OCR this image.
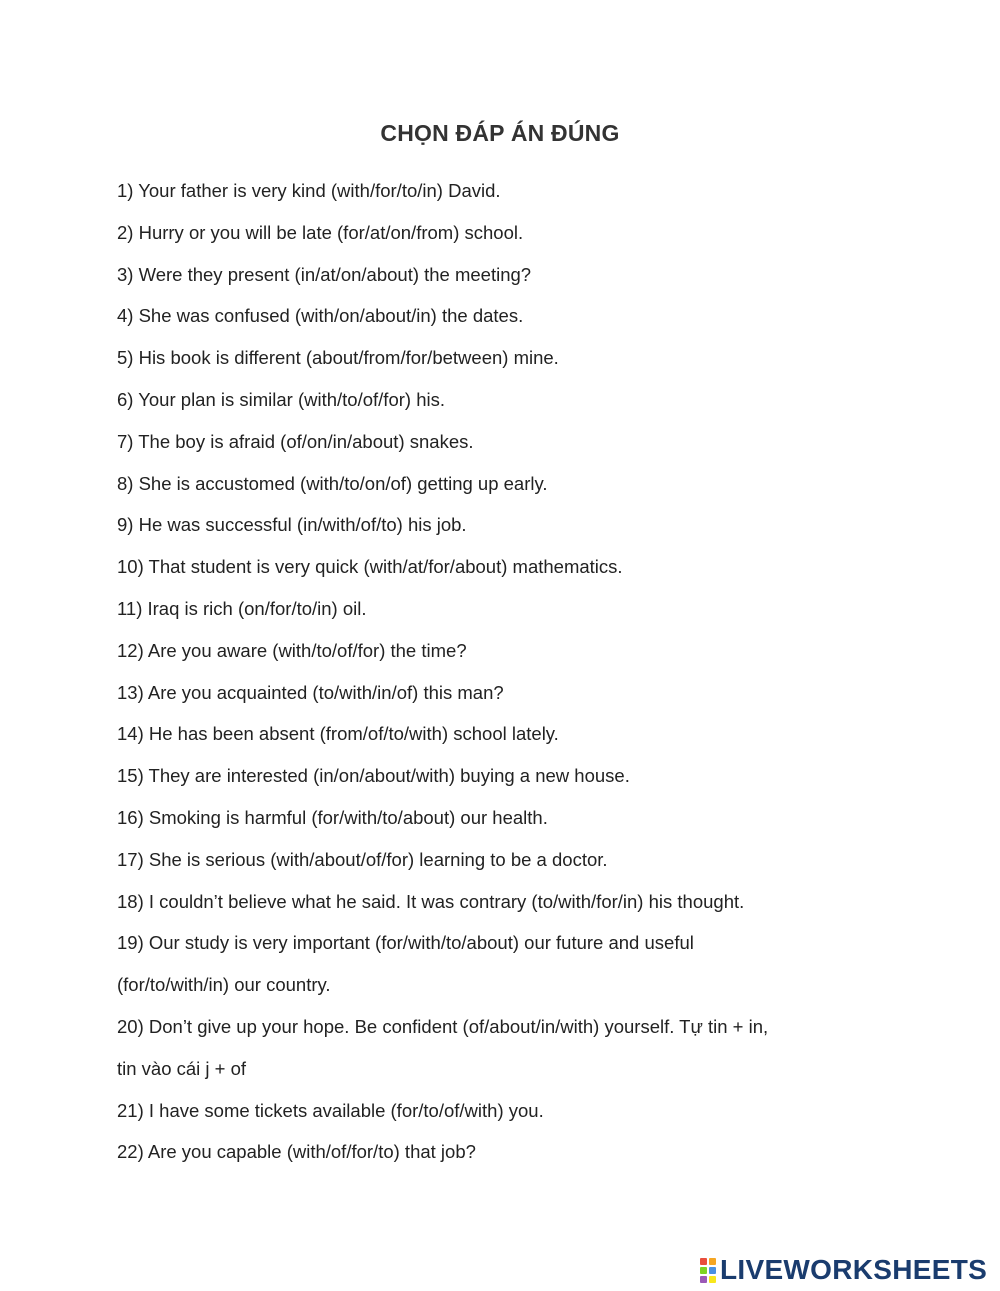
CHỌN ĐÁP ÁN ĐÚNG
1) Your father is very kind (with/for/to/in) David.
2) Hurry or you will be late (for/at/on/from) school.
3) Were they present (in/at/on/about) the meeting?
4) She was confused (with/on/about/in) the dates.
5) His book is different (about/from/for/between) mine.
6) Your plan is similar (with/to/of/for) his.
7) The boy is afraid (of/on/in/about) snakes.
8) She is accustomed (with/to/on/of) getting up early.
9) He was successful (in/with/of/to) his job.
10) That student is very quick (with/at/for/about) mathematics.
11) Iraq is rich (on/for/to/in) oil.
12) Are you aware (with/to/of/for) the time?
13) Are you acquainted (to/with/in/of) this man?
14) He has been absent (from/of/to/with) school lately.
15) They are interested (in/on/about/with) buying a new house.
16) Smoking is harmful (for/with/to/about) our health.
17) She is serious (with/about/of/for) learning to be a doctor.
18) I couldn’t believe what he said. It was contrary (to/with/for/in) his thought.
19) Our study is very important (for/with/to/about) our future and useful
(for/to/with/in) our country.
20) Don’t give up your hope. Be confident (of/about/in/with) yourself. Tự tin + in,
tin vào cái j + of
21) I have some tickets available (for/to/of/with) you.
22) Are you capable (with/of/for/to) that job?
LIVEWORKSHEETS
